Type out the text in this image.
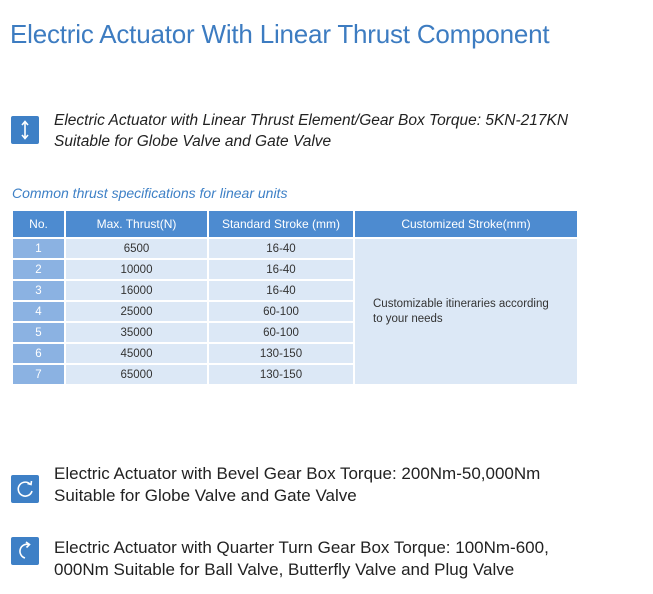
Electric Actuator With Linear Thrust Component
Electric Actuator with Linear Thrust Element/Gear Box Torque: 5KN-217KN
Suitable for Globe Valve and Gate Valve
Common thrust specifications for linear units
No.	Max. Thrust(N)	Standard Stroke (mm)	Customized Stroke(mm)
1	6500	16-40	Customizable itineraries according
to your needs

2	10000	16-40	
3	16000	16-40	
4	25000	60-100	
5	35000	60-100	
6	45000	130-150	
7	65000	130-150	
Electric Actuator with Bevel Gear Box Torque: 200Nm-50,000Nm
Suitable for Globe Valve and Gate Valve
Electric Actuator with Quarter Turn Gear Box Torque: 100Nm-600,
000Nm Suitable for Ball Valve, Butterfly Valve and Plug Valve
